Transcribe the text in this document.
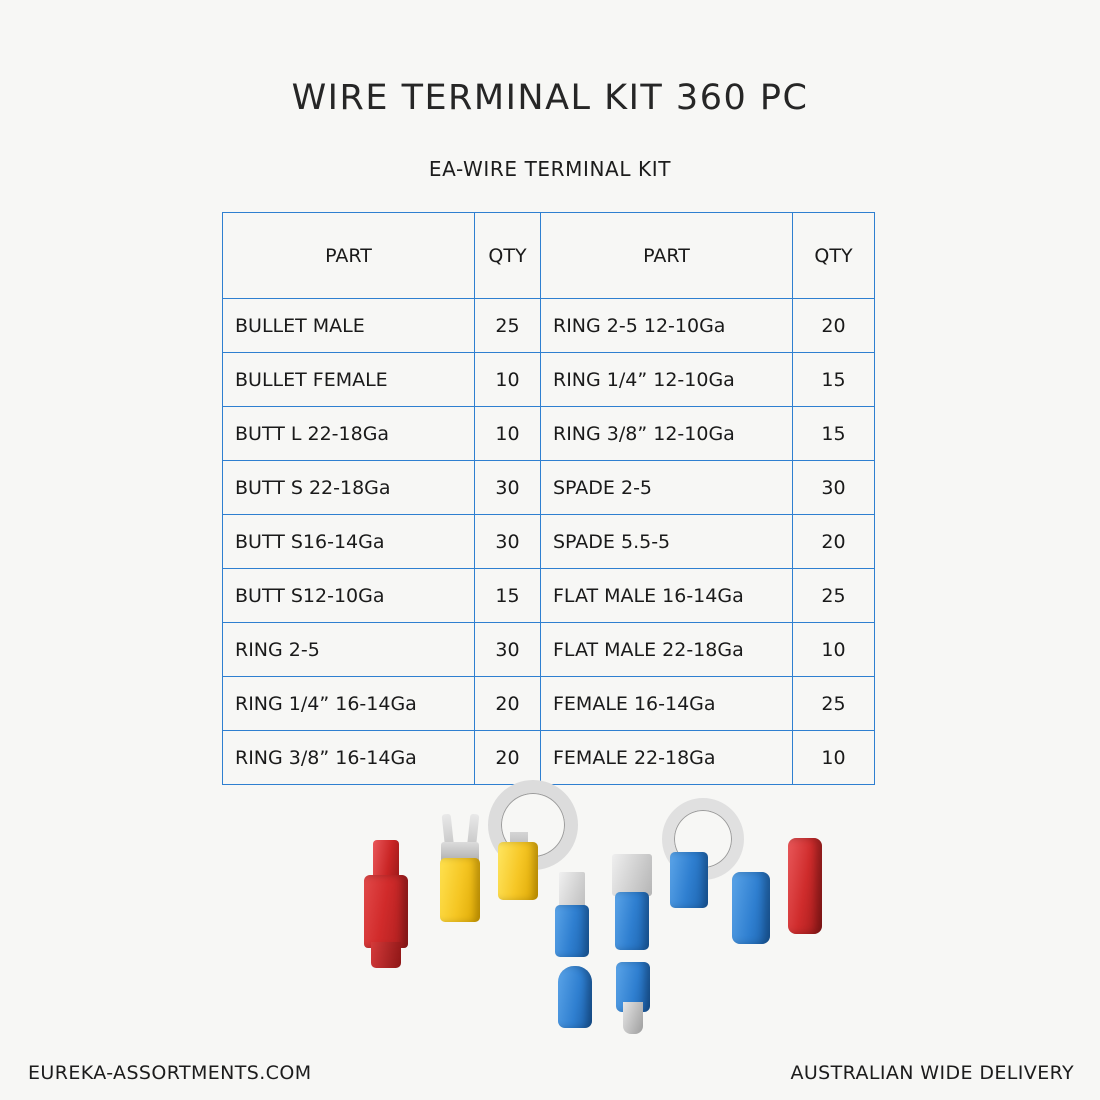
WIRE TERMINAL KIT 360 PC
EA-WIRE TERMINAL KIT
PART	QTY	PART	QTY
BULLET MALE	25	RING 2-5 12-10Ga	20
BULLET FEMALE	10	RING 1/4” 12-10Ga	15
BUTT L 22-18Ga	10	RING 3/8” 12-10Ga	15
BUTT S 22-18Ga	30	SPADE 2-5	30
BUTT S16-14Ga	30	SPADE 5.5-5	20
BUTT S12-10Ga	15	FLAT MALE 16-14Ga	25
RING 2-5	30	FLAT MALE 22-18Ga	10
RING 1/4” 16-14Ga	20	FEMALE 16-14Ga	25
RING 3/8” 16-14Ga	20	FEMALE 22-18Ga	10
EUREKA-ASSORTMENTS.COM	AUSTRALIAN WIDE DELIVERY
